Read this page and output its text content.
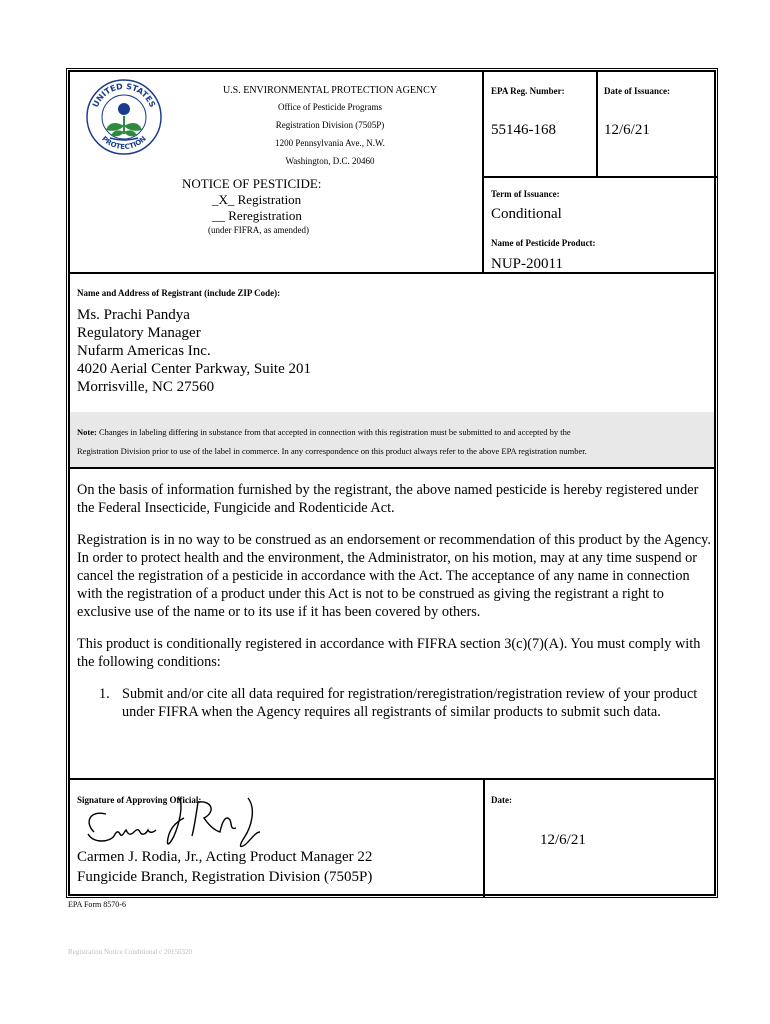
UNITED STATES
PROTECTION
U.S. ENVIRONMENTAL PROTECTION AGENCY
Office of Pesticide Programs
Registration Division (7505P)
1200 Pennsylvania Ave., N.W.
Washington, D.C. 20460
NOTICE OF PESTICIDE:
_X_ Registration
__ Reregistration
(under FIFRA, as amended)
EPA Reg. Number:
55146-168
Date of Issuance:
12/6/21
Term of Issuance:
Conditional
Name of Pesticide Product:
NUP-20011
Name and Address of Registrant (include ZIP Code):
Ms. Prachi Pandya
Regulatory Manager
Nufarm Americas Inc.
4020 Aerial Center Parkway, Suite 201
Morrisville, NC 27560
Note: Changes in labeling differing in substance from that accepted in connection with this registration must be submitted to and accepted by the
Registration Division prior to use of the label in commerce. In any correspondence on this product always refer to the above EPA registration number.

On the basis of information furnished by the registrant, the above named pesticide is hereby registered under the Federal Insecticide, Fungicide and Rodenticide Act.

Registration is in no way to be construed as an endorsement or recommendation of this product by the Agency. In order to protect health and the environment, the Administrator, on his motion, may at any time suspend or cancel the registration of a pesticide in accordance with the Act. The acceptance of any name in connection with the registration of a product under this Act is not to be construed as giving the registrant a right to exclusive use of the name or to its use if it has been covered by others.

This product is conditionally registered in accordance with FIFRA section 3(c)(7)(A). You must comply with the following conditions:

1. Submit and/or cite all data required for registration/reregistration/registration review of your product under FIFRA when the Agency requires all registrants of similar products to submit such data.

Signature of Approving Official:
Carmen J. Rodia, Jr., Acting Product Manager 22
Fungicide Branch, Registration Division (7505P)
Date:
12/6/21
EPA Form 8570-6
Registration Notice Conditional c 20150320
